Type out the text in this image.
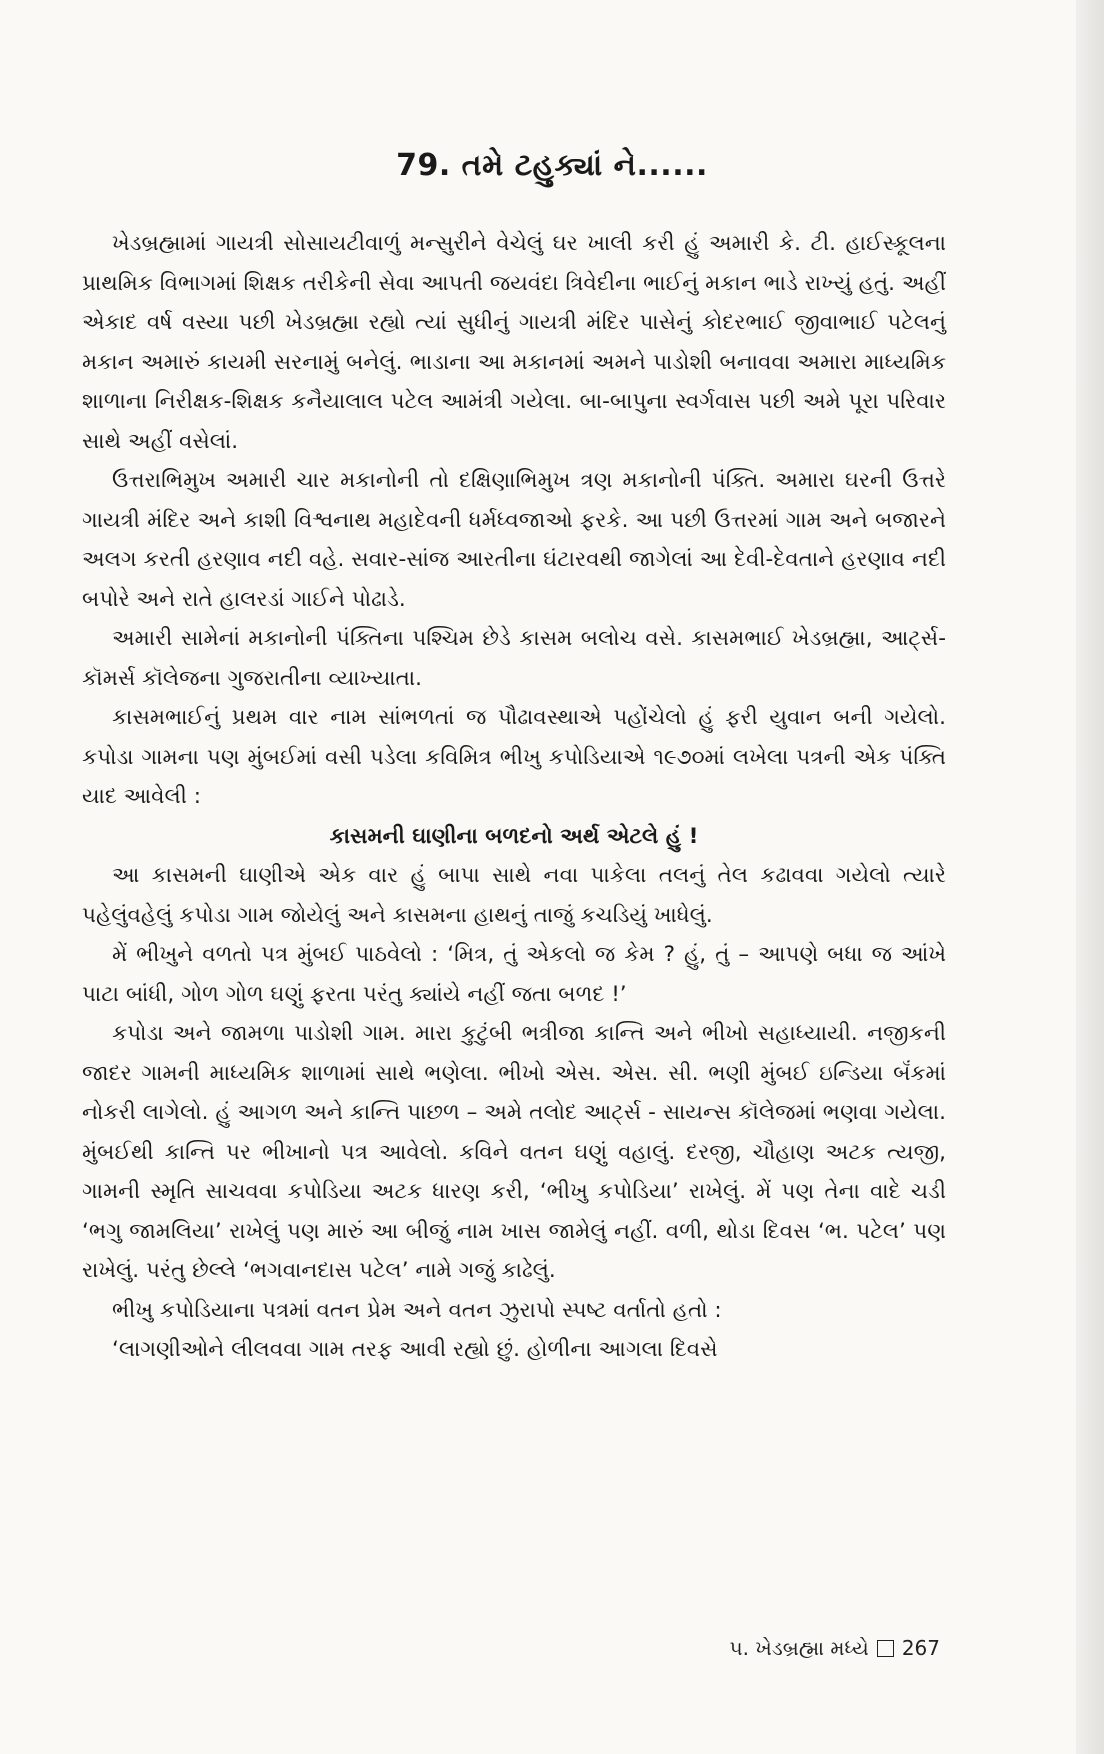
79. તમે ટહુક્યાં ને......

ખેડબ્રહ્મામાં ગાયત્રી સોસાયટીવાળું મન્સુરીને વેચેલું ઘર ખાલી કરી હું અમારી કે. ટી. હાઈસ્કૂલના પ્રાથમિક વિભાગમાં શિક્ષક તરીકેની સેવા આપતી જયવંદા ત્રિવેદીના ભાઈનું મકાન ભાડે રાખ્યું હતું. અહીં એકાદ વર્ષ વસ્યા પછી ખેડબ્રહ્મા રહ્યો ત્યાં સુધીનું ગાયત્રી મંદિર પાસેનું કોદરભાઈ જીવાભાઈ પટેલનું મકાન અમારું કાયમી સરનામું બનેલું. ભાડાના આ મકાનમાં અમને પાડોશી બનાવવા અમારા માધ્યમિક શાળાના નિરીક્ષક-શિક્ષક કનૈયાલાલ પટેલ આમંત્રી ગયેલા. બા-બાપુના સ્વર્ગવાસ પછી અમે પૂરા પરિવાર સાથે અહીં વસેલાં.

ઉત્તરાભિમુખ અમારી ચાર મકાનોની તો દક્ષિણાભિમુખ ત્રણ મકાનોની પંક્તિ. અમારા ઘરની ઉત્તરે ગાયત્રી મંદિર અને કાશી વિશ્વનાથ મહાદેવની ધર્મધ્વજાઓ ફરકે. આ પછી ઉત્તરમાં ગામ અને બજારને અલગ કરતી હરણાવ નદી વહે. સવાર-સાંજ આરતીના ઘંટારવથી જાગેલાં આ દેવી-દેવતાને હરણાવ નદી બપોરે અને રાતે હાલરડાં ગાઈને પોઢાડે.

અમારી સામેનાં મકાનોની પંક્તિના પશ્ચિમ છેડે કાસમ બલોચ વસે. કાસમભાઈ ખેડબ્રહ્મા, આર્ટ્સ-કૉમર્સ કૉલેજના ગુજરાતીના વ્યાખ્યાતા.

કાસમભાઈનું પ્રથમ વાર નામ સાંભળતાં જ પૌઢાવસ્થાએ પહોંચેલો હું ફરી યુવાન બની ગયેલો. કપોડા ગામના પણ મુંબઈમાં વસી પડેલા કવિમિત્ર ભીખુ કપોડિયાએ ૧૯૭૦માં લખેલા પત્રની એક પંક્તિ યાદ આવેલી :

કાસમની ઘાણીના બળદનો અર્થ એટલે હું !

આ કાસમની ઘાણીએ એક વાર હું બાપા સાથે નવા પાકેલા તલનું તેલ કઢાવવા ગયેલો ત્યારે પહેલુંવહેલું કપોડા ગામ જોયેલું અને કાસમના હાથનું તાજું કચડિયું ખાધેલું.

મેં ભીખુને વળતો પત્ર મુંબઈ પાઠવેલો : ‘મિત્ર, તું એકલો જ કેમ ? હું, તું – આપણે બધા જ આંખે પાટા બાંધી, ગોળ ગોળ ઘણું ફરતા પરંતુ ક્યાંયે નહીં જતા બળદ !’

કપોડા અને જામળા પાડોશી ગામ. મારા કુટુંબી ભત્રીજા કાન્તિ અને ભીખો સહાધ્યાયી. નજીકની જાદર ગામની માધ્યમિક શાળામાં સાથે ભણેલા. ભીખો એસ. એસ. સી. ભણી મુંબઈ ઇન્ડિયા બૅંકમાં નોકરી લાગેલો. હું આગળ અને કાન્તિ પાછળ – અમે તલોદ આર્ટ્સ - સાયન્સ કૉલેજમાં ભણવા ગયેલા. મુંબઈથી કાન્તિ પર ભીખાનો પત્ર આવેલો. કવિને વતન ઘણું વહાલું. દરજી, ચૌહાણ અટક ત્યજી, ગામની સ્મૃતિ સાચવવા કપોડિયા અટક ધારણ કરી, ‘ભીખુ કપોડિયા’ રાખેલું. મેં પણ તેના વાદે ચડી ‘ભગુ જામલિયા’ રાખેલું પણ મારું આ બીજું નામ ખાસ જામેલું નહીં. વળી, થોડા દિવસ ‘ભ. પટેલ’ પણ રાખેલું. પરંતુ છેલ્લે ‘ભગવાનદાસ પટેલ’ નામે ગજું કાઢેલું.

ભીખુ કપોડિયાના પત્રમાં વતન પ્રેમ અને વતન ઝુરાપો સ્પષ્ટ વર્તાતો હતો :

‘લાગણીઓને લીલવવા ગામ તરફ આવી રહ્યો છું. હોળીના આગલા દિવસે

૫. ખેડબ્રહ્મા મધ્યે 267
